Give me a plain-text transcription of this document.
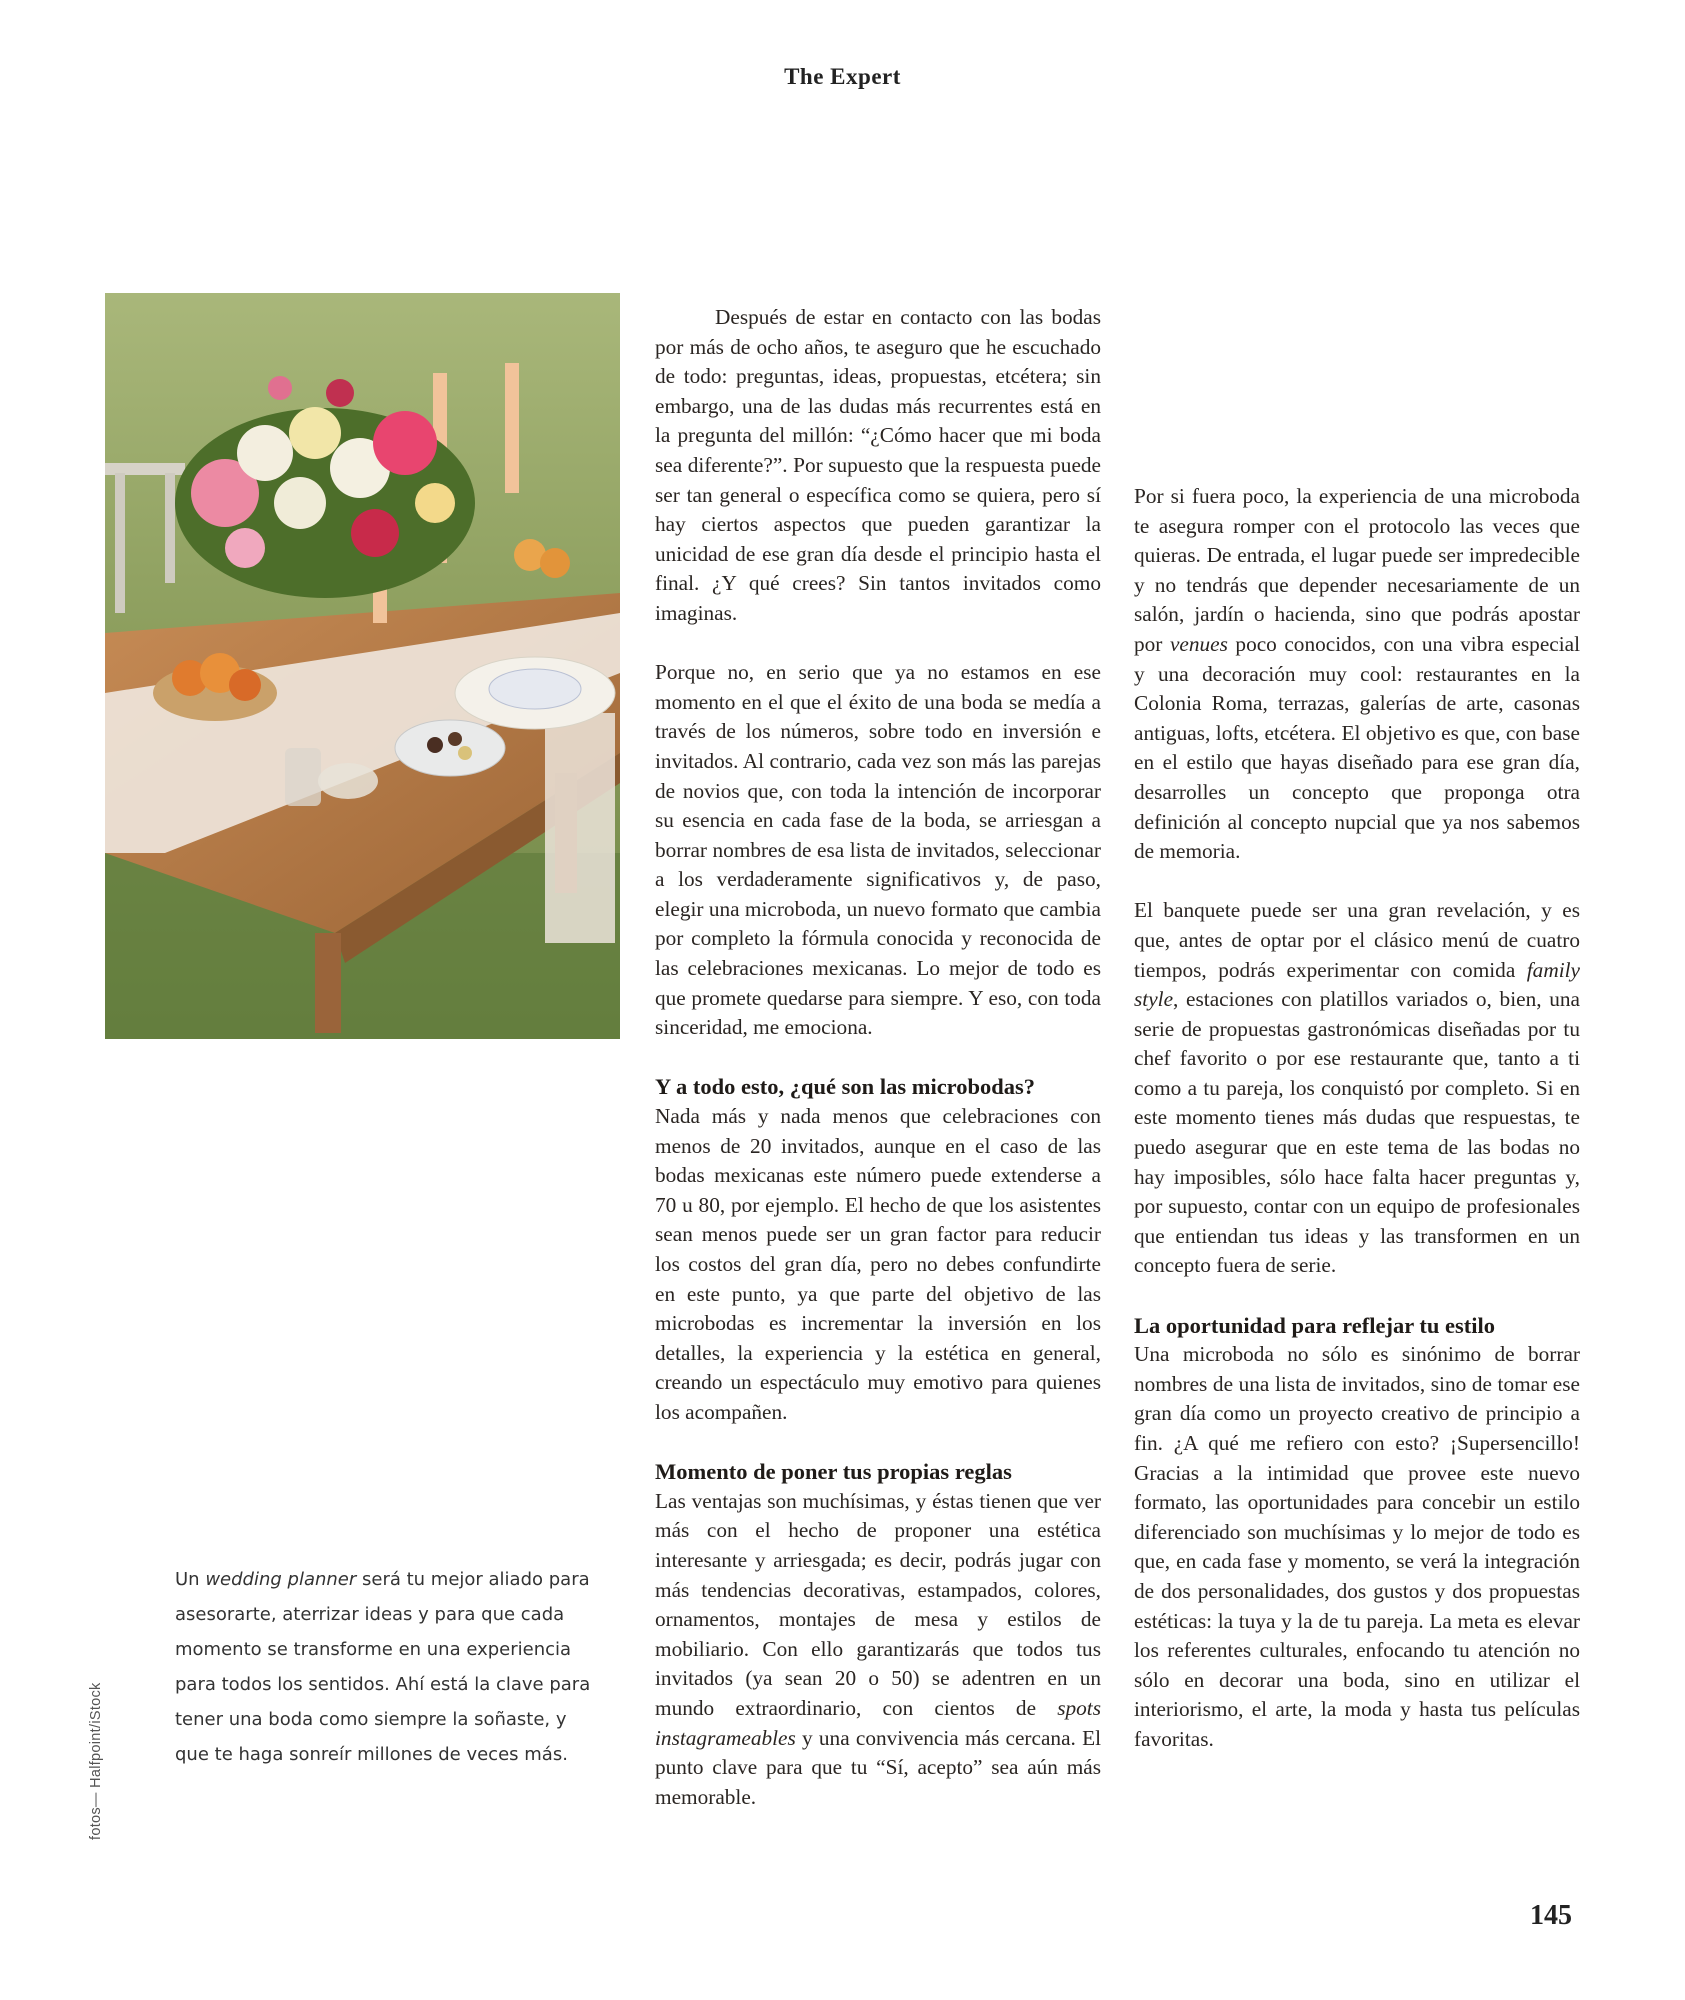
The Expert
fotos— Halfpoint/iStock
Un wedding planner será tu mejor aliado para
asesorarte, aterrizar ideas y para que cada
momento se transforme en una experiencia
para todos los sentidos. Ahí está la clave para
tener una boda como siempre la soñaste, y
que te haga sonreír millones de veces más.

Después de estar en contacto con las bodas por más de ocho años, te aseguro que he escuchado de todo: preguntas, ideas, propuestas, etcétera; sin embargo, una de las dudas más recurrentes está en la pregunta del millón: “¿Cómo hacer que mi boda sea diferente?”. Por supuesto que la respuesta puede ser tan general o específica como se quiera, pero sí hay ciertos aspectos que pueden garantizar la unicidad de ese gran día desde el principio hasta el final. ¿Y qué crees? Sin tantos invitados como imaginas.

Porque no, en serio que ya no estamos en ese momento en el que el éxito de una boda se medía a través de los números, sobre todo en inversión e invitados. Al contrario, cada vez son más las parejas de novios que, con toda la intención de incorporar su esencia en cada fase de la boda, se arriesgan a borrar nombres de esa lista de invitados, seleccionar a los verdaderamente significativos y, de paso, elegir una microboda, un nuevo formato que cambia por completo la fórmula conocida y reconocida de las celebraciones mexicanas. Lo mejor de todo es que promete quedarse para siempre. Y eso, con toda sinceridad, me emociona.

Y a todo esto, ¿qué son las microbodas?

Nada más y nada menos que celebraciones con menos de 20 invitados, aunque en el caso de las bodas mexicanas este número puede extenderse a 70 u 80, por ejemplo. El hecho de que los asistentes sean menos puede ser un gran factor para reducir los costos del gran día, pero no debes confundirte en este punto, ya que parte del objetivo de las microbodas es incrementar la inversión en los detalles, la experiencia y la estética en general, creando un espectáculo muy emotivo para quienes los acompañen.

Momento de poner tus propias reglas

Las ventajas son muchísimas, y éstas tienen que ver más con el hecho de proponer una estética interesante y arriesgada; es decir, podrás jugar con más tendencias decorativas, estampados, colores, ornamentos, montajes de mesa y estilos de mobiliario. Con ello garantizarás que todos tus invitados (ya sean 20 o 50) se adentren en un mundo extraordinario, con cientos de spots instagrameables y una convivencia más cercana. El punto clave para que tu “Sí, acepto” sea aún más memorable.

Por si fuera poco, la experiencia de una microboda te asegura romper con el protocolo las veces que quieras. De entrada, el lugar puede ser impredecible y no tendrás que depender necesariamente de un salón, jardín o hacienda, sino que podrás apostar por venues poco conocidos, con una vibra especial y una decoración muy cool: restaurantes en la Colonia Roma, terrazas, galerías de arte, casonas antiguas, lofts, etcétera. El objetivo es que, con base en el estilo que hayas diseñado para ese gran día, desarrolles un concepto que proponga otra definición al concepto nupcial que ya nos sabemos de memoria.

El banquete puede ser una gran revelación, y es que, antes de optar por el clásico menú de cuatro tiempos, podrás experimentar con comida family style, estaciones con platillos variados o, bien, una serie de propuestas gastronómicas diseñadas por tu chef favorito o por ese restaurante que, tanto a ti como a tu pareja, los conquistó por completo. Si en este momento tienes más dudas que respuestas, te puedo asegurar que en este tema de las bodas no hay imposibles, sólo hace falta hacer preguntas y, por supuesto, contar con un equipo de profesionales que entiendan tus ideas y las transformen en un concepto fuera de serie.

La oportunidad para reflejar tu estilo

Una microboda no sólo es sinónimo de borrar nombres de una lista de invitados, sino de tomar ese gran día como un proyecto creativo de principio a fin. ¿A qué me refiero con esto? ¡Supersencillo! Gracias a la intimidad que provee este nuevo formato, las oportunidades para concebir un estilo diferenciado son muchísimas y lo mejor de todo es que, en cada fase y momento, se verá la integración de dos personalidades, dos gustos y dos propuestas estéticas: la tuya y la de tu pareja. La meta es elevar los referentes culturales, enfocando tu atención no sólo en decorar una boda, sino en utilizar el interiorismo, el arte, la moda y hasta tus películas favoritas.

145
